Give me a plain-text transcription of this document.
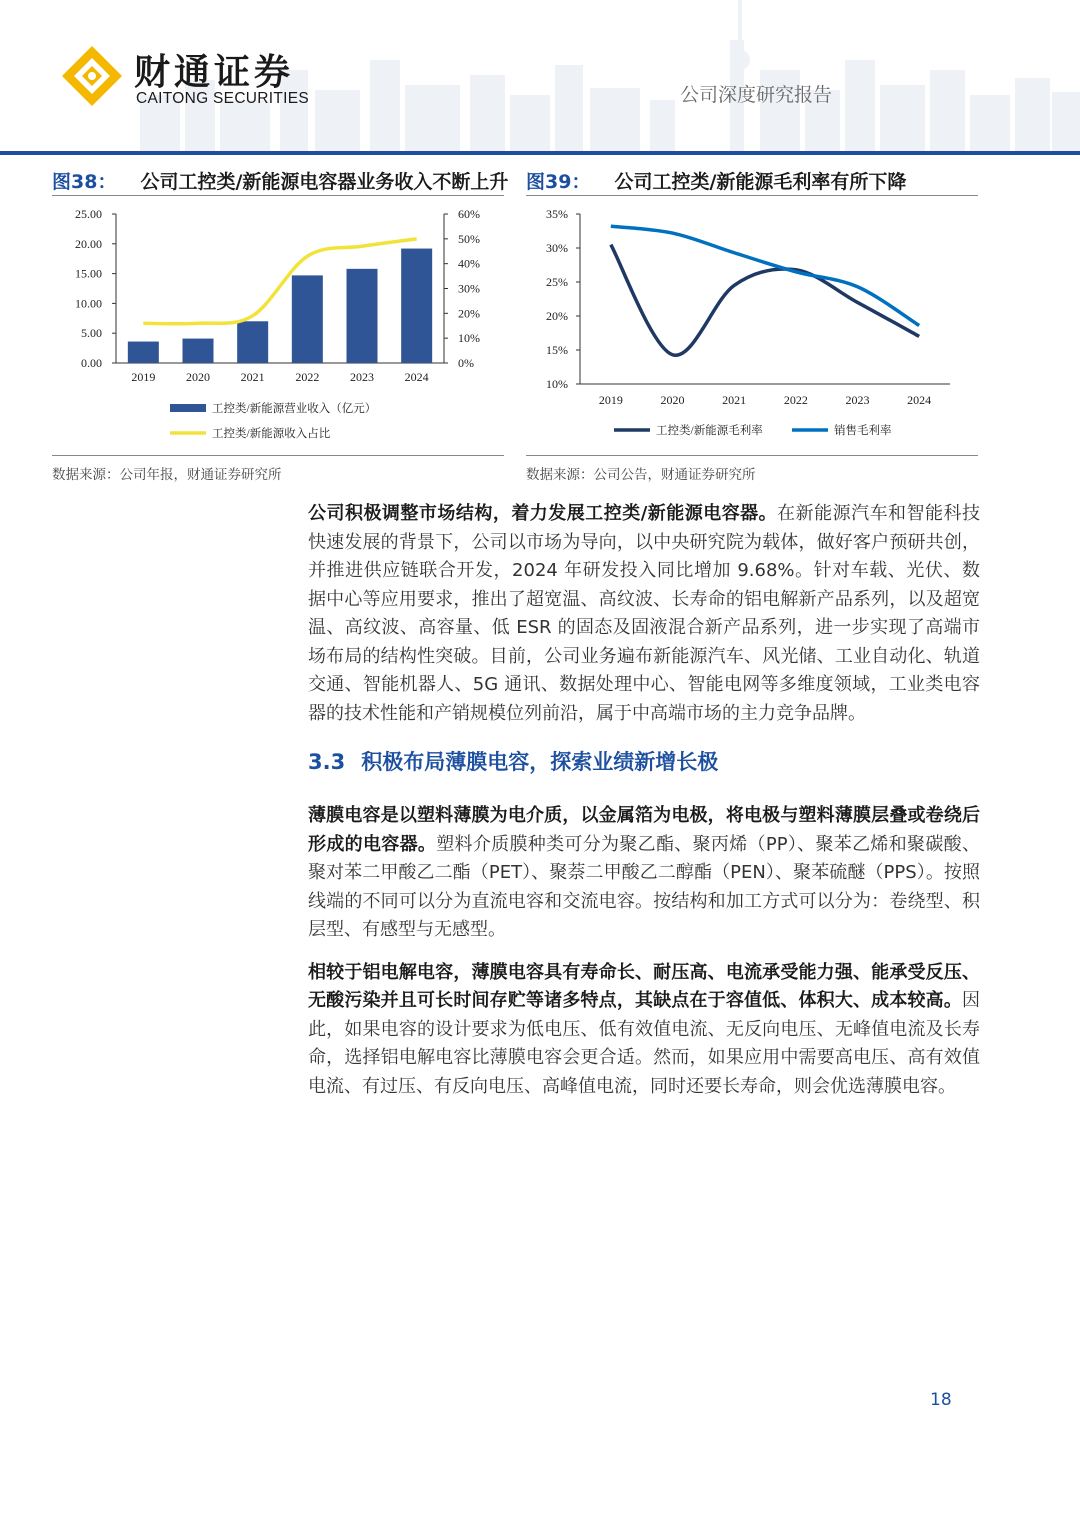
财通证券
CAITONG SECURITIES	公司深度研究报告
图38： 公司工控类/新能源电容器业务收入不断上升
25.00
20.00
15.00
10.00
5.00
0.00
60%
50%
40%
30%
20%
10%
0%
2019	2020	2021	2022	2023	2024
工控类/新能源营业收入（亿元）
工控类/新能源收入占比
数据来源：公司年报，财通证券研究所
图39： 公司工控类/新能源毛利率有所下降
35%
30%
25%
20%
15%
10%
2019	2020	2021	2022	2023	2024
工控类/新能源毛利率	销售毛利率
数据来源：公司公告，财通证券研究所

公司积极调整市场结构，着力发展工控类/新能源电容器。在新能源汽车和智能科技快速发展的背景下，公司以市场为导向，以中央研究院为载体，做好客户预研共创，并推进供应链联合开发，2024 年研发投入同比增加 9.68%。针对车载、光伏、数据中心等应用要求，推出了超宽温、高纹波、长寿命的铝电解新产品系列，以及超宽温、高纹波、高容量、低 ESR 的固态及固液混合新产品系列，进一步实现了高端市场布局的结构性突破。目前，公司业务遍布新能源汽车、风光储、工业自动化、轨道交通、智能机器人、5G 通讯、数据处理中心、智能电网等多维度领域，工业类电容器的技术性能和产销规模位列前沿，属于中高端市场的主力竞争品牌。

3.3 积极布局薄膜电容，探索业绩新增长极

薄膜电容是以塑料薄膜为电介质，以金属箔为电极，将电极与塑料薄膜层叠或卷绕后形成的电容器。塑料介质膜种类可分为聚乙酯、聚丙烯（PP）、聚苯乙烯和聚碳酸、聚对苯二甲酸乙二酯（PET）、聚萘二甲酸乙二醇酯（PEN）、聚苯硫醚（PPS）。按照线端的不同可以分为直流电容和交流电容。按结构和加工方式可以分为：卷绕型、积层型、有感型与无感型。

相较于铝电解电容，薄膜电容具有寿命长、耐压高、电流承受能力强、能承受反压、无酸污染并且可长时间存贮等诸多特点，其缺点在于容值低、体积大、成本较高。因此，如果电容的设计要求为低电压、低有效值电流、无反向电压、无峰值电流及长寿命，选择铝电解电容比薄膜电容会更合适。然而，如果应用中需要高电压、高有效值电流、有过压、有反向电压、高峰值电流，同时还要长寿命，则会优选薄膜电容。

18
